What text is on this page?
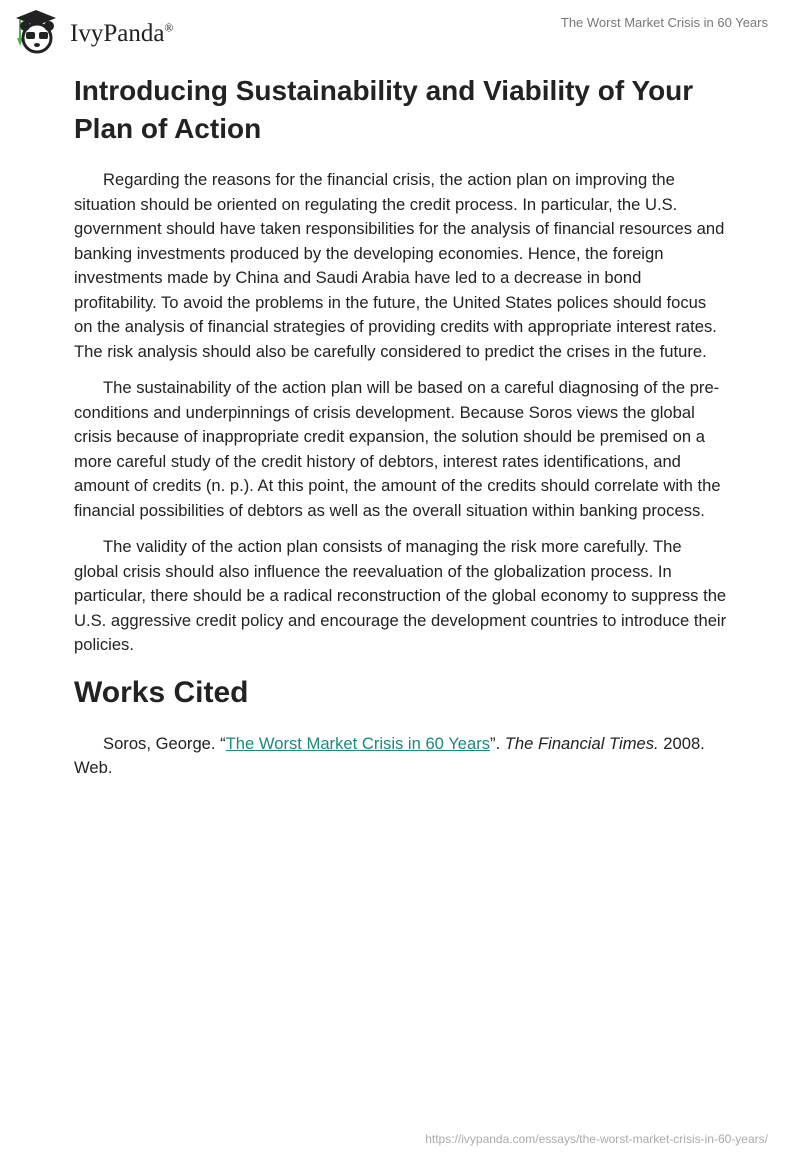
IvyPanda®	The Worst Market Crisis in 60 Years
Introducing Sustainability and Viability of Your Plan of Action

Regarding the reasons for the financial crisis, the action plan on improving the situation should be oriented on regulating the credit process. In particular, the U.S. government should have taken responsibilities for the analysis of financial resources and banking investments produced by the developing economies. Hence, the foreign investments made by China and Saudi Arabia have led to a decrease in bond profitability. To avoid the problems in the future, the United States polices should focus on the analysis of financial strategies of providing credits with appropriate interest rates. The risk analysis should also be carefully considered to predict the crises in the future.

The sustainability of the action plan will be based on a careful diagnosing of the pre-conditions and underpinnings of crisis development. Because Soros views the global crisis because of inappropriate credit expansion, the solution should be premised on a more careful study of the credit history of debtors, interest rates identifications, and amount of credits (n. p.). At this point, the amount of the credits should correlate with the financial possibilities of debtors as well as the overall situation within banking process.

The validity of the action plan consists of managing the risk more carefully. The global crisis should also influence the reevaluation of the globalization process. In particular, there should be a radical reconstruction of the global economy to suppress the U.S. aggressive credit policy and encourage the development countries to introduce their policies.

Works Cited

Soros, George. “The Worst Market Crisis in 60 Years”. The Financial Times. 2008. Web.

https://ivypanda.com/essays/the-worst-market-crisis-in-60-years/
